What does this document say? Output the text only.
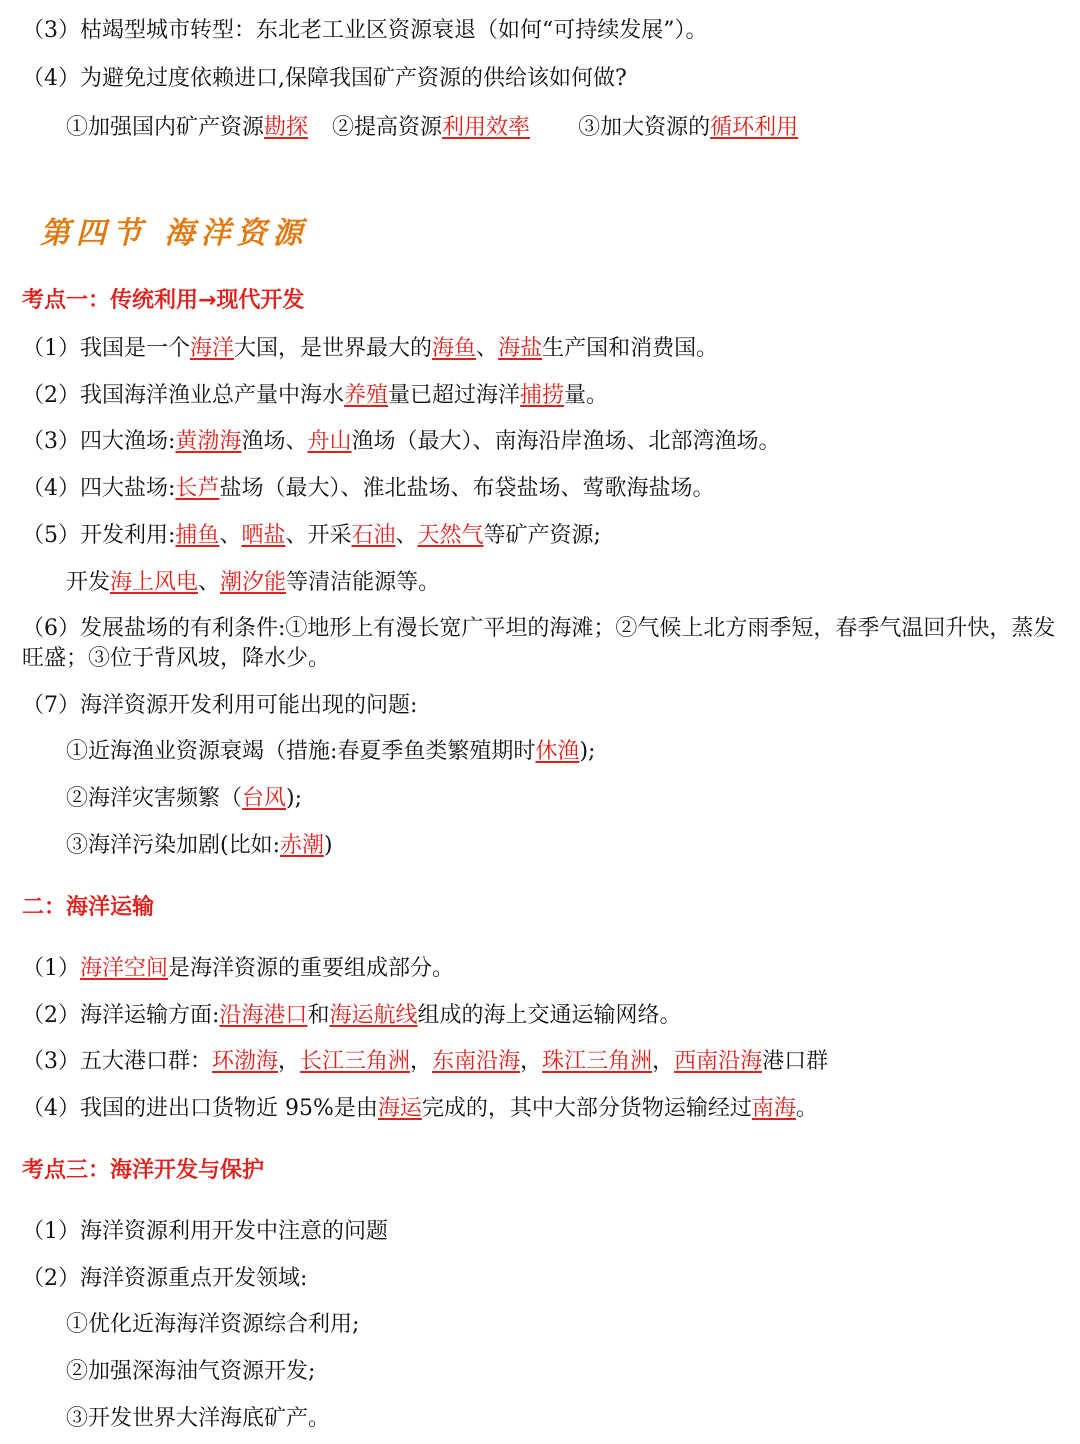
（3）枯竭型城市转型：东北老工业区资源衰退（如何“可持续发展”）。
（4）为避免过度依赖进口,保障我国矿产资源的供给该如何做?
①加强国内矿产资源勘探 ②提高资源利用效率 ③加大资源的循环利用
第四节 海洋资源
考点一：传统利用→现代开发
（1）我国是一个海洋大国，是世界最大的海鱼、海盐生产国和消费国。
（2）我国海洋渔业总产量中海水养殖量已超过海洋捕捞量。
（3）四大渔场:黄渤海渔场、舟山渔场（最大）、南海沿岸渔场、北部湾渔场。
（4）四大盐场:长芦盐场（最大）、淮北盐场、布袋盐场、莺歌海盐场。
（5）开发利用:捕鱼、晒盐、开采石油、天然气等矿产资源;
开发海上风电、潮汐能等清洁能源等。
（6）发展盐场的有利条件:①地形上有漫长宽广平坦的海滩；②气候上北方雨季短，春季气温回升快，蒸发旺盛；③位于背风坡，降水少。
（7）海洋资源开发利用可能出现的问题:
①近海渔业资源衰竭（措施:春夏季鱼类繁殖期时休渔);
②海洋灾害频繁（台风);
③海洋污染加剧(比如:赤潮)
二：海洋运输
（1）海洋空间是海洋资源的重要组成部分。
（2）海洋运输方面:沿海港口和海运航线组成的海上交通运输网络。
（3）五大港口群：环渤海，长江三角洲，东南沿海，珠江三角洲，西南沿海港口群
（4）我国的进出口货物近 95%是由海运完成的，其中大部分货物运输经过南海。
考点三：海洋开发与保护
（1）海洋资源利用开发中注意的问题
（2）海洋资源重点开发领域:
①优化近海海洋资源综合利用;
②加强深海油气资源开发;
③开发世界大洋海底矿产。
